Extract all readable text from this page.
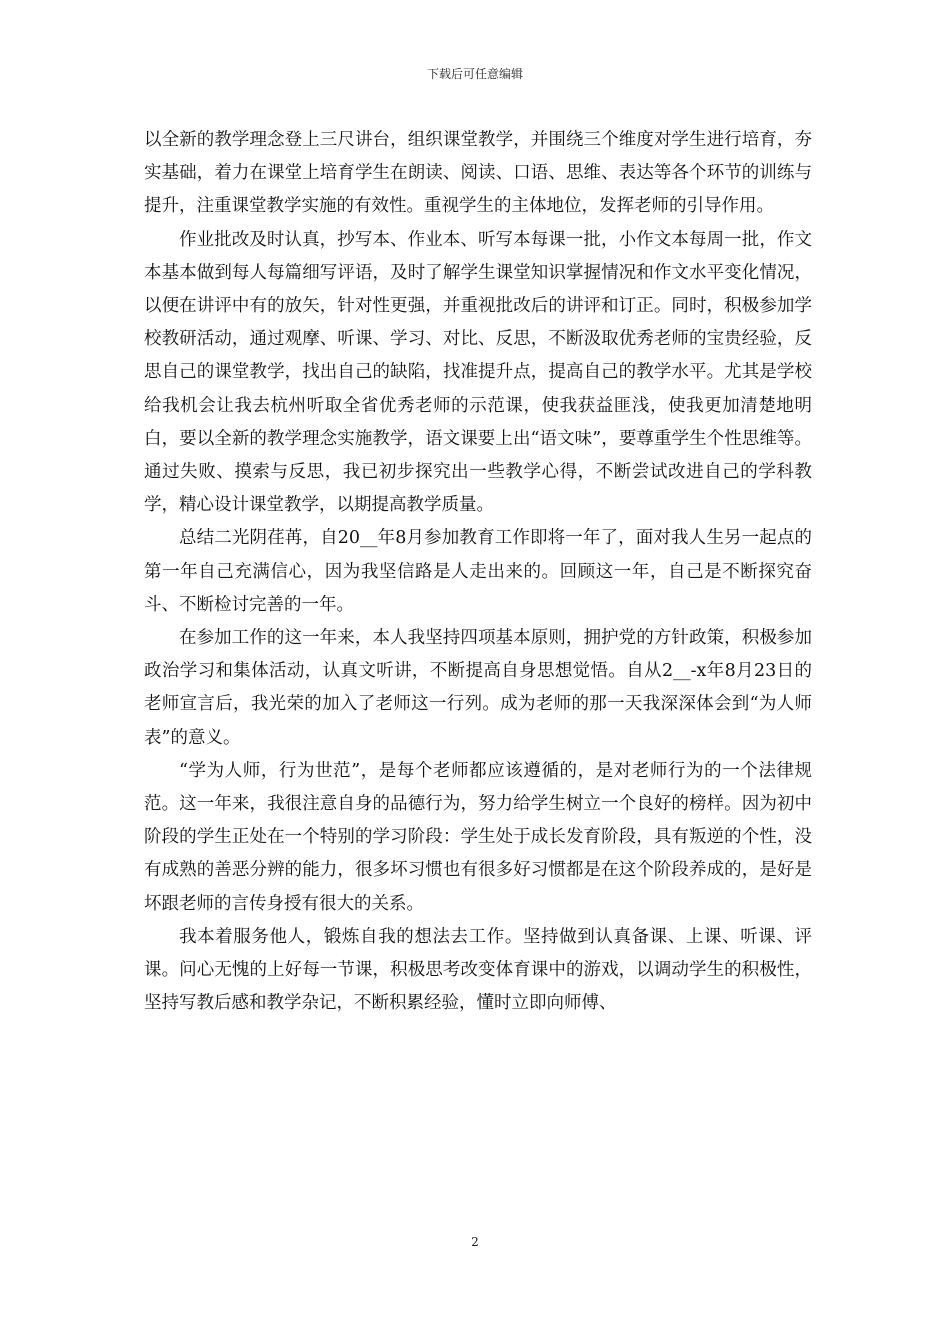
下载后可任意编辑

以全新的教学理念登上三尺讲台，组织课堂教学，并围绕三个维度对学生进行培育，夯实基础，着力在课堂上培育学生在朗读、阅读、口语、思维、表达等各个环节的训练与提升，注重课堂教学实施的有效性。重视学生的主体地位，发挥老师的引导作用。

作业批改及时认真，抄写本、作业本、听写本每课一批，小作文本每周一批，作文本基本做到每人每篇细写评语，及时了解学生课堂知识掌握情况和作文水平变化情况，以便在讲评中有的放矢，针对性更强，并重视批改后的讲评和订正。同时，积极参加学校教研活动，通过观摩、听课、学习、对比、反思，不断汲取优秀老师的宝贵经验，反思自己的课堂教学，找出自己的缺陷，找准提升点，提高自己的教学水平。尤其是学校给我机会让我去杭州听取全省优秀老师的示范课，使我获益匪浅，使我更加清楚地明白，要以全新的教学理念实施教学，语文课要上出“语文味”，要尊重学生个性思维等。通过失败、摸索与反思，我已初步探究出一些教学心得，不断尝试改进自己的学科教学，精心设计课堂教学，以期提高教学质量。

总结二光阴荏苒，自20__年8月参加教育工作即将一年了，面对我人生另一起点的第一年自己充满信心，因为我坚信路是人走出来的。回顾这一年，自己是不断探究奋斗、不断检讨完善的一年。

在参加工作的这一年来，本人我坚持四项基本原则，拥护党的方针政策，积极参加政治学习和集体活动，认真文听讲，不断提高自身思想觉悟。自从2__-x年8月23日的老师宣言后，我光荣的加入了老师这一行列。成为老师的那一天我深深体会到“为人师表”的意义。

“学为人师，行为世范”，是每个老师都应该遵循的，是对老师行为的一个法律规范。这一年来，我很注意自身的品德行为，努力给学生树立一个良好的榜样。因为初中阶段的学生正处在一个特别的学习阶段：学生处于成长发育阶段，具有叛逆的个性，没有成熟的善恶分辨的能力，很多坏习惯也有很多好习惯都是在这个阶段养成的，是好是坏跟老师的言传身授有很大的关系。

我本着服务他人，锻炼自我的想法去工作。坚持做到认真备课、上课、听课、评课。问心无愧的上好每一节课，积极思考改变体育课中的游戏，以调动学生的积极性，坚持写教后感和教学杂记，不断积累经验，懂时立即向师傅、

2
